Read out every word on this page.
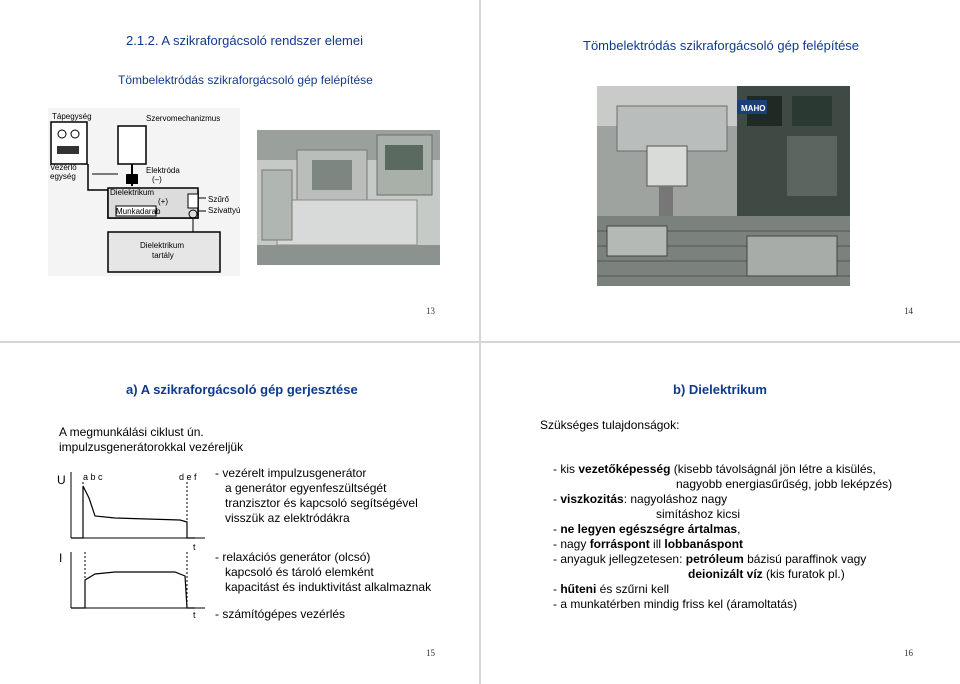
2.1.2. A szikraforgácsoló rendszer elemei
Tömbelektródás szikraforgácsoló gép felépítése
Tápegység	Szervomechanizmus
Vezérlő
egység
Elektróda
(–)
Dielektrikum
(+)
Munkadarab
Szűrő
Szivattyú
Dielektrikum
tartály
13
Tömbelektródás szikraforgácsoló gép felépítése
MAHO
14
a) A szikraforgácsoló gép gerjesztése
A megmunkálási ciklust ún.
impulzusgenerátorokkal vezéreljük
U
I
a b c	d e f
t
t
- vezérelt impulzusgenerátor
a generátor egyenfeszültségét
tranzisztor és kapcsoló segítségével
visszük az elektródákra
- relaxációs generátor (olcsó)
kapcsoló és tároló elemként
kapacitást és induktivitást alkalmaznak
- számítógépes vezérlés
15
b) Dielektrikum
Szükséges tulajdonságok:
- kis vezetőképesség (kisebb távolságnál jön létre a kisülés,
nagyobb energiasűrűség, jobb leképzés)
- viszkozitás: nagyoláshoz nagy
simításhoz kicsi
- ne legyen egészségre ártalmas,
- nagy forráspont ill lobbanáspont
- anyaguk jellegzetesen: petróleum bázisú paraffinok vagy
deionizált víz (kis furatok pl.)
- hűteni és szűrni kell
- a munkatérben mindig friss kel (áramoltatás)
16
